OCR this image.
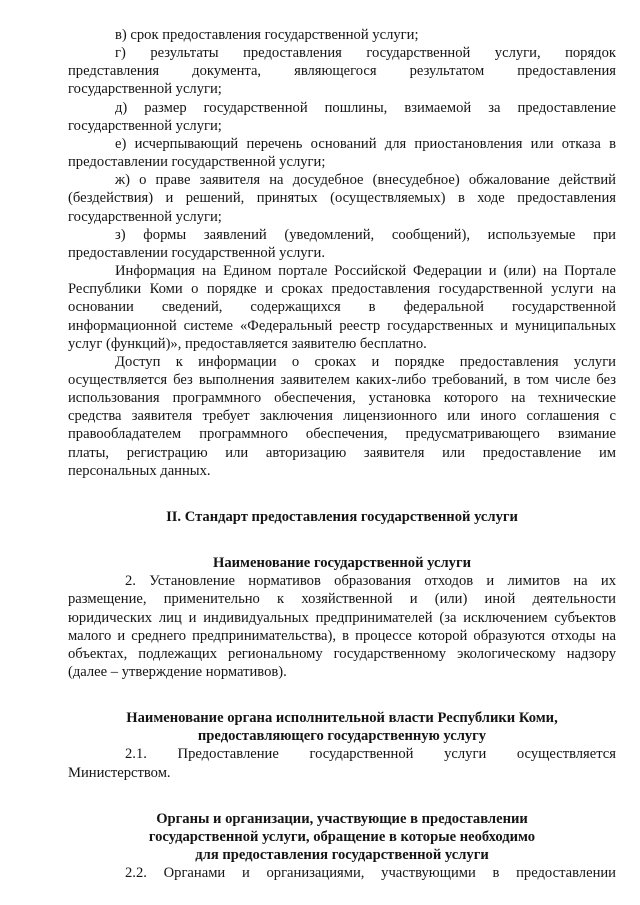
в) срок предоставления государственной услуги;

г) результаты предоставления государственной услуги, порядок
представления документа, являющегося результатом предоставления
государственной услуги;

д) размер государственной пошлины, взимаемой за предоставление
государственной услуги;

е) исчерпывающий перечень оснований для приостановления или отказа в
предоставлении государственной услуги;

ж) о праве заявителя на досудебное (внесудебное) обжалование действий
(бездействия) и решений, принятых (осуществляемых) в ходе предоставления
государственной услуги;

з) формы заявлений (уведомлений, сообщений), используемые при
предоставлении государственной услуги.

Информация на Едином портале Российской Федерации и (или) на Портале
Республики Коми о порядке и сроках предоставления государственной услуги на
основании сведений, содержащихся в федеральной государственной
информационной системе «Федеральный реестр государственных и муниципальных
услуг (функций)», предоставляется заявителю бесплатно.

Доступ к информации о сроках и порядке предоставления услуги
осуществляется без выполнения заявителем каких-либо требований, в том числе без
использования программного обеспечения, установка которого на технические
средства заявителя требует заключения лицензионного или иного соглашения с
правообладателем программного обеспечения, предусматривающего взимание
платы, регистрацию или авторизацию заявителя или предоставление им
персональных данных.

II. Стандарт предоставления государственной услуги
Наименование государственной услуги

2. Установление нормативов образования отходов и лимитов на их
размещение, применительно к хозяйственной и (или) иной деятельности
юридических лиц и индивидуальных предпринимателей (за исключением субъектов
малого и среднего предпринимательства), в процессе которой образуются отходы на
объектах, подлежащих региональному государственному экологическому надзору
(далее – утверждение нормативов).

Наименование органа исполнительной власти Республики Коми,
предоставляющего государственную услугу

2.1. Предоставление государственной услуги осуществляется
Министерством.

Органы и организации, участвующие в предоставлении
государственной услуги, обращение в которые необходимо
для предоставления государственной услуги

2.2. Органами и организациями, участвующими в предоставлении
